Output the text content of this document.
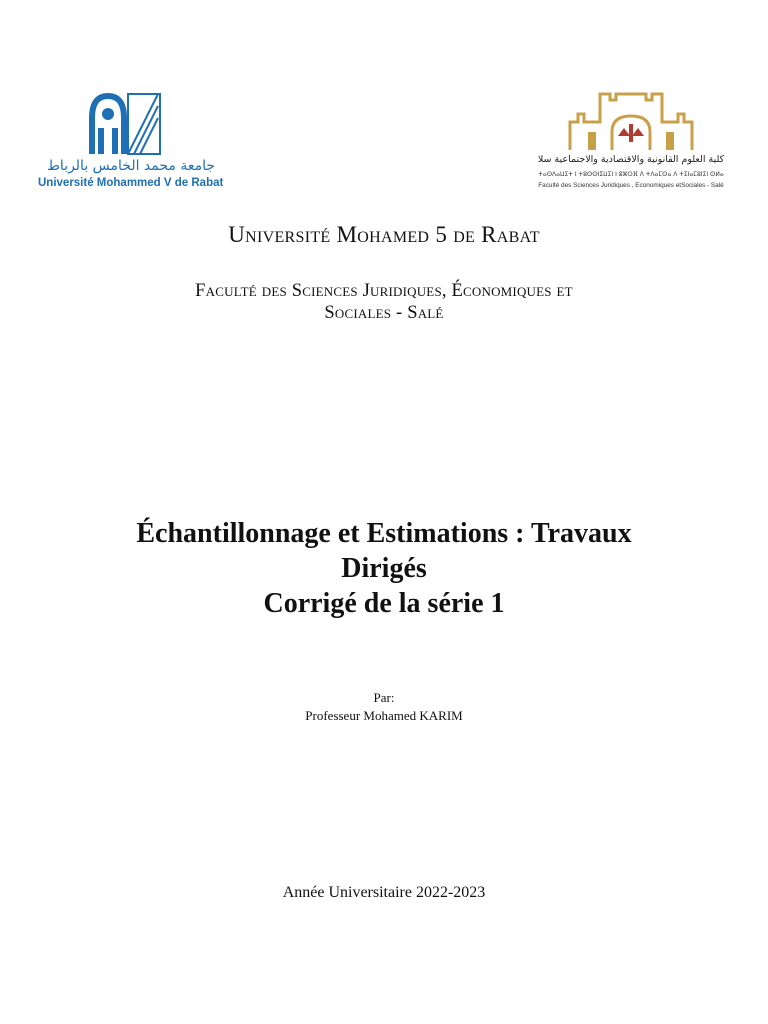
جامعة محمد الخامس بالرباط
Université Mohammed V de Rabat
كلية العلوم القانونية والاقتصادية والاجتماعية سلا
ⵜⴰⵙⴷⴰⵡⵉⵜ ⵏ ⵜⵓⵙⵙⵏⵉⵡⵉⵏ ⵏ ⵓⵣⵔⴼ ⴷ ⵜⴷⴰⵎⵙⴰ ⴷ ⵜⵉⵏⴰⵎⵓⵏⵉⵏ ⵙⵍⴰ
Faculté des Sciences Juridiques , Economiques etSociales - Salé
Université Mohamed 5 de Rabat
Faculté des Sciences Juridiques, Économiques et
Sociales - Salé
Échantillonnage et Estimations : Travaux
Dirigés
Corrigé de la série 1
Par:
Professeur Mohamed KARIM
Année Universitaire 2022-2023
